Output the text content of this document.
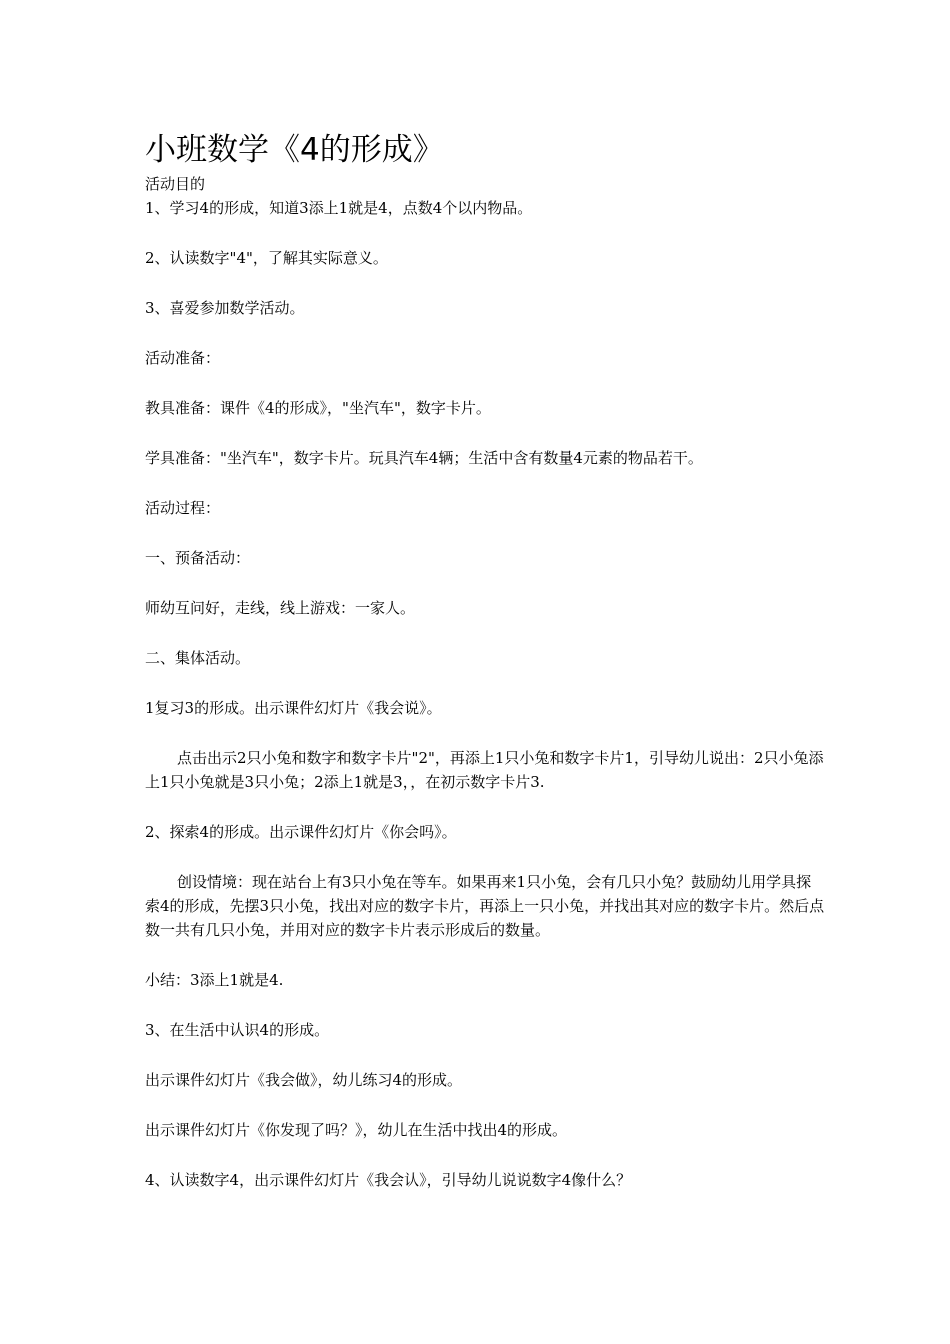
小班数学《4的形成》

活动目的

1、学习4的形成，知道3添上1就是4，点数4个以内物品。

2、认读数字"4"，了解其实际意义。

3、喜爱参加数学活动。

活动准备：

教具准备：课件《4的形成》，"坐汽车"，数字卡片。

学具准备："坐汽车"，数字卡片。玩具汽车4辆；生活中含有数量4元素的物品若干。

活动过程：

一、预备活动：

师幼互问好，走线，线上游戏：一家人。

二、集体活动。

1复习3的形成。出示课件幻灯片《我会说》。

点击出示2只小兔和数字和数字卡片"2"，再添上1只小兔和数字卡片1，引导幼儿说出：2只小兔添上1只小兔就是3只小兔；2添上1就是3，，在初示数字卡片3.

2、探索4的形成。出示课件幻灯片《你会吗》。

创设情境：现在站台上有3只小兔在等车。如果再来1只小兔，会有几只小兔？鼓励幼儿用学具探索4的形成，先摆3只小兔，找出对应的数字卡片，再添上一只小兔，并找出其对应的数字卡片。然后点数一共有几只小兔，并用对应的数字卡片表示形成后的数量。

小结：3添上1就是4.

3、在生活中认识4的形成。

出示课件幻灯片《我会做》，幼儿练习4的形成。

出示课件幻灯片《你发现了吗？》，幼儿在生活中找出4的形成。

4、认读数字4，出示课件幻灯片《我会认》，引导幼儿说说数字4像什么？
